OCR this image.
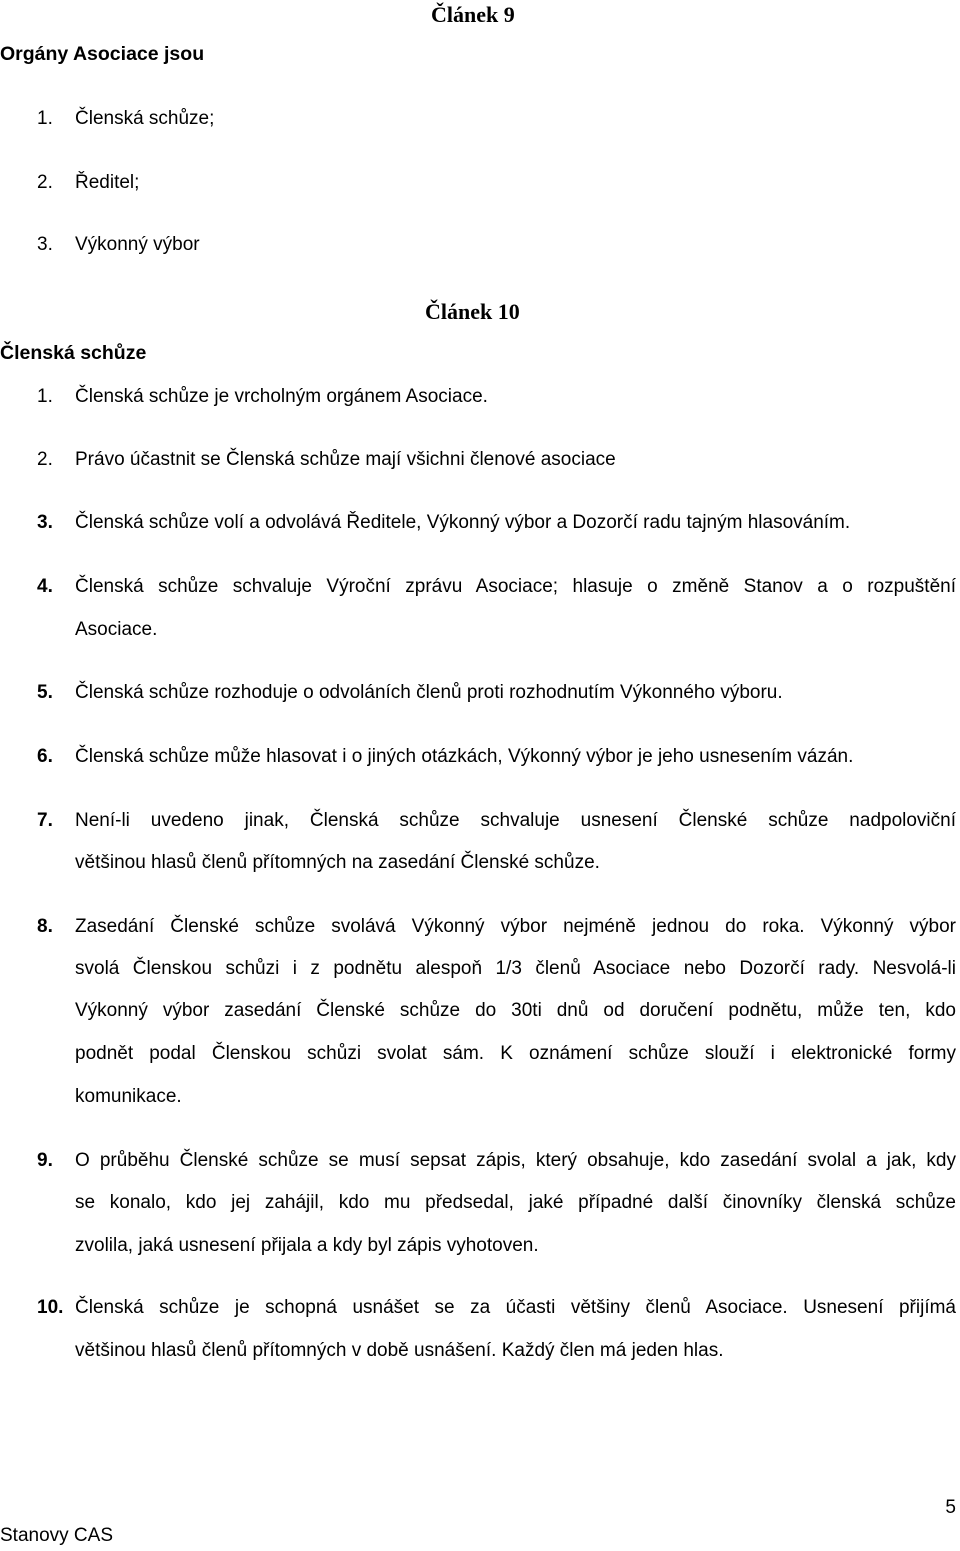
Článek 9
Orgány Asociace jsou
1. Členská schůze;
2. Ředitel;
3. Výkonný výbor
Článek 10
Členská schůze
1. Členská schůze je vrcholným orgánem Asociace.
2. Právo účastnit se Členská schůze mají všichni členové asociace
3. Členská schůze volí a odvolává Ředitele, Výkonný výbor a Dozorčí radu tajným hlasováním.
4. Členská schůze schvaluje Výroční zprávu Asociace; hlasuje o změně Stanov a o rozpuštění
Asociace.
5. Členská schůze rozhoduje o odvoláních členů proti rozhodnutím Výkonného výboru.
6. Členská schůze může hlasovat i o jiných otázkách, Výkonný výbor je jeho usnesením vázán.
7. Není-li uvedeno jinak, Členská schůze schvaluje usnesení Členské schůze nadpoloviční
většinou hlasů členů přítomných na zasedání Členské schůze.
8. Zasedání Členské schůze svolává Výkonný výbor nejméně jednou do roka. Výkonný výbor
svolá Členskou schůzi i z podnětu alespoň 1/3 členů Asociace nebo Dozorčí rady. Nesvolá-li
Výkonný výbor zasedání Členské schůze do 30ti dnů od doručení podnětu, může ten, kdo
podnět podal Členskou schůzi svolat sám. K oznámení schůze slouží i elektronické formy
komunikace.
9. O průběhu Členské schůze se musí sepsat zápis, který obsahuje, kdo zasedání svolal a jak, kdy
se konalo, kdo jej zahájil, kdo mu předsedal, jaké případné další činovníky členská schůze
zvolila, jaká usnesení přijala a kdy byl zápis vyhotoven.
10. Členská schůze je schopná usnášet se za účasti většiny členů Asociace. Usnesení přijímá
většinou hlasů členů přítomných v době usnášení. Každý člen má jeden hlas.
5
Stanovy CAS
